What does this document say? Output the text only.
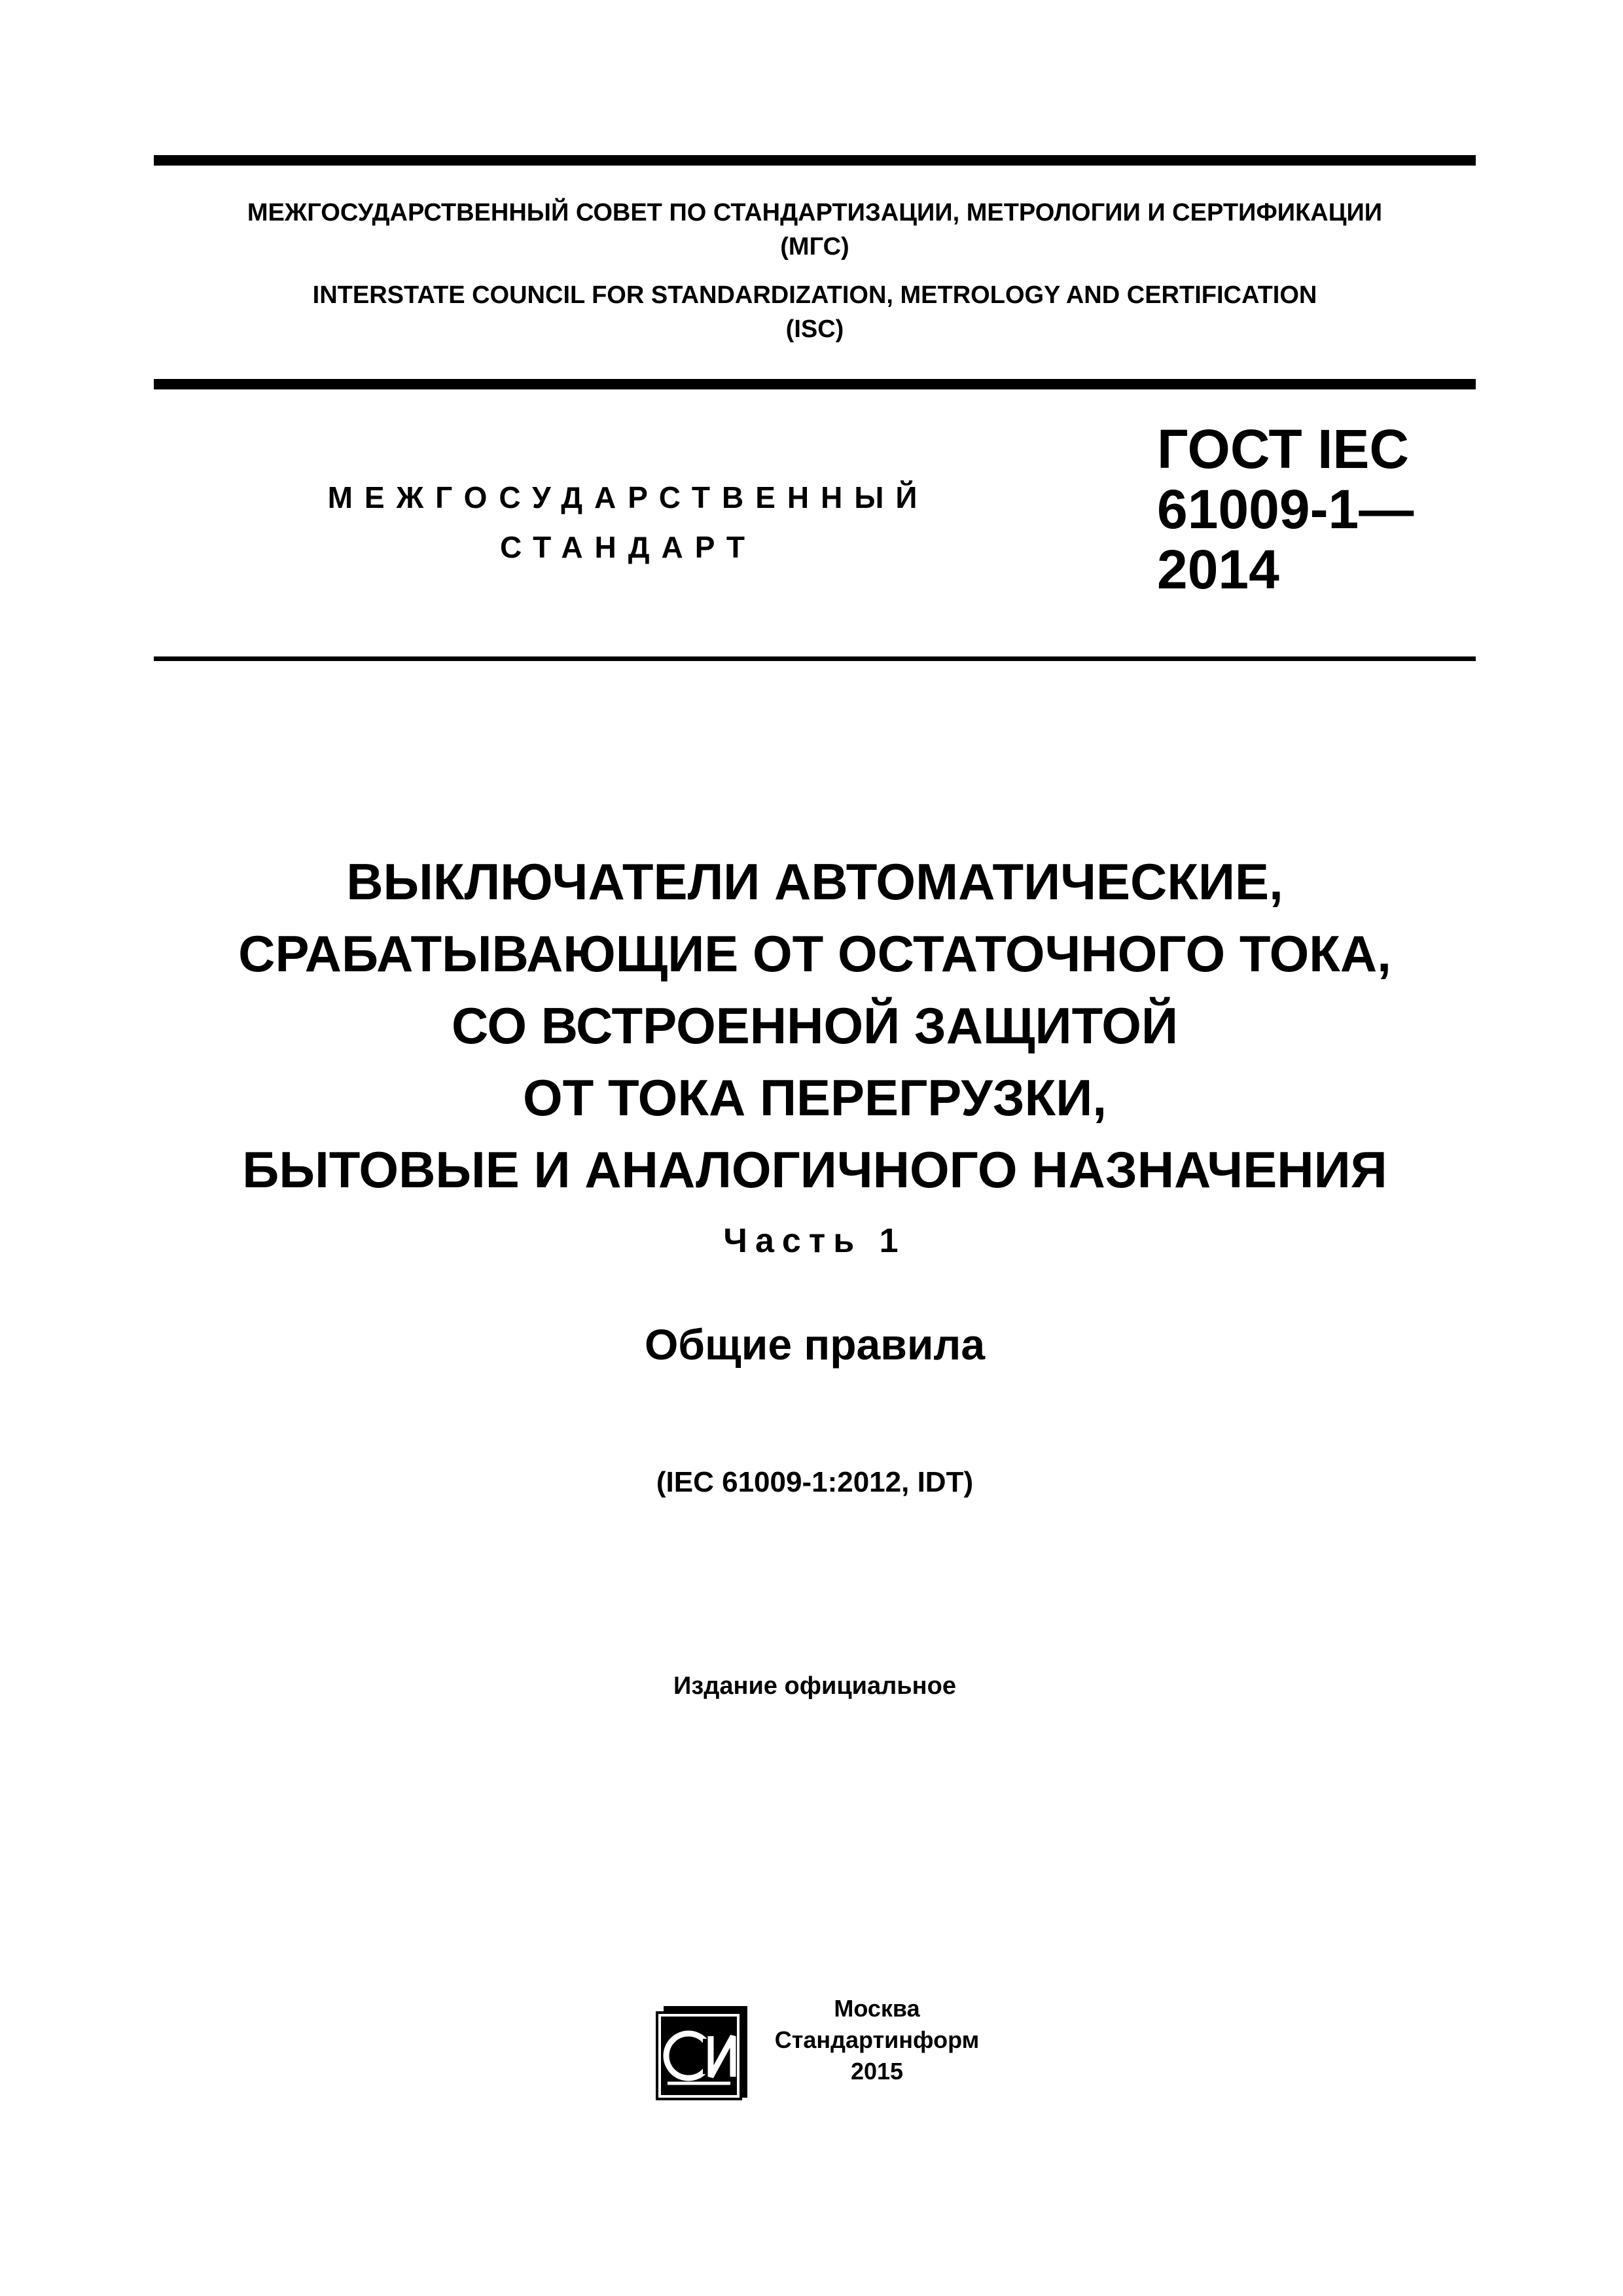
МЕЖГОСУДАРСТВЕННЫЙ СОВЕТ ПО СТАНДАРТИЗАЦИИ, МЕТРОЛОГИИ И СЕРТИФИКАЦИИ
(МГС)
INTERSTATE COUNCIL FOR STANDARDIZATION, METROLOGY AND CERTIFICATION
(ISC)
МЕЖГОСУДАРСТВЕННЫЙ
СТАНДАРТ
ГОСТ IEC
61009-1—
2014
ВЫКЛЮЧАТЕЛИ АВТОМАТИЧЕСКИЕ,
СРАБАТЫВАЮЩИЕ ОТ ОСТАТОЧНОГО ТОКА,
СО ВСТРОЕННОЙ ЗАЩИТОЙ
ОТ ТОКА ПЕРЕГРУЗКИ,
БЫТОВЫЕ И АНАЛОГИЧНОГО НАЗНАЧЕНИЯ
Часть 1
Общие правила
(IEC 61009-1:2012, IDT)
Издание официальное
Москва
Стандартинформ
2015
